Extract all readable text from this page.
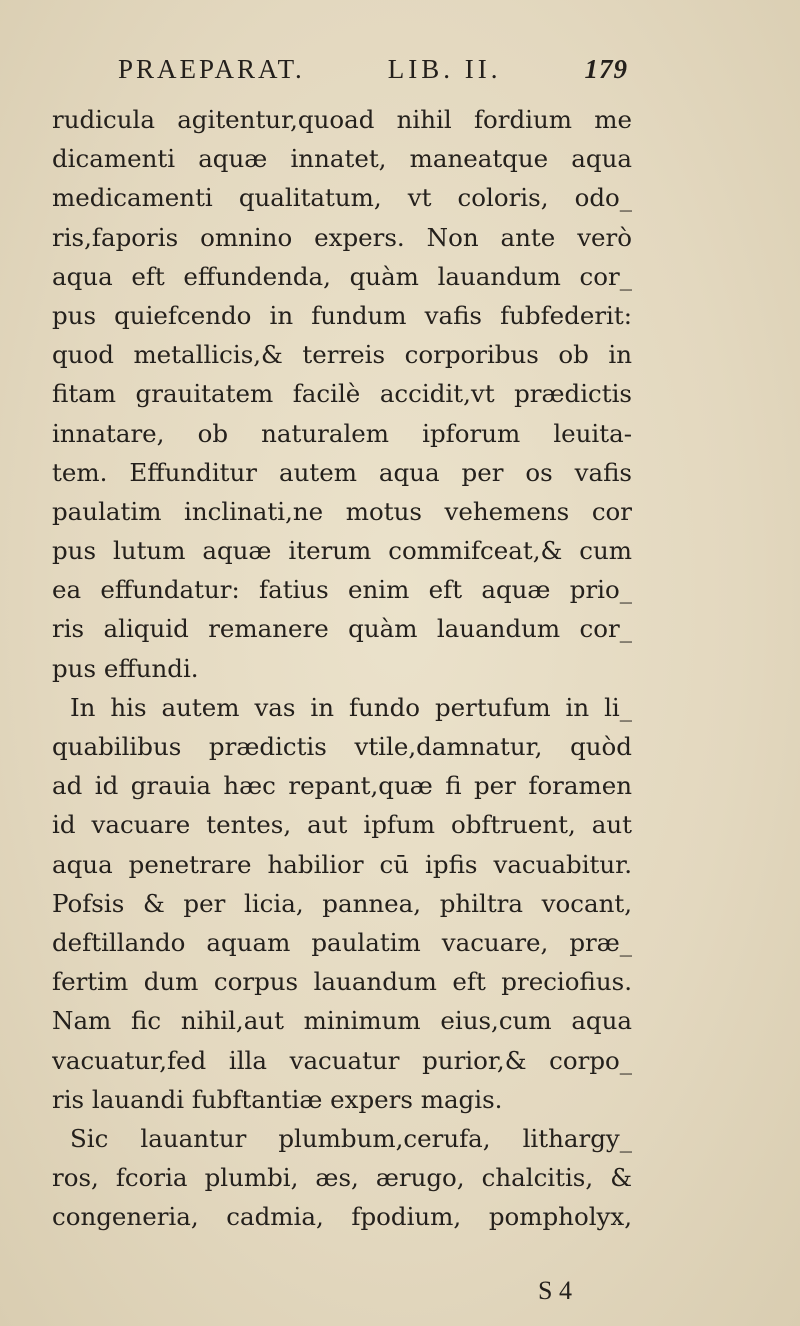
PRAEPARAT.	LIB. II.	179
rudicula agitentur,quoad nihil fordium me
dicamenti aquæ innatet, maneatque aqua
medicamenti qualitatum, vt coloris, odo_
ris,faporis omnino expers. Non ante verò
aqua eft effundenda, quàm lauandum cor_
pus quiefcendo in fundum vafis fubfederit:
quod metallicis,& terreis corporibus ob in
fitam grauitatem facilè accidit,vt prædictis
innatare, ob naturalem ipforum leuita-
tem. Effunditur autem aqua per os vafis
paulatim inclinati,ne motus vehemens cor
pus lutum aquæ iterum commifceat,& cum
ea effundatur: fatius enim eft aquæ prio_
ris aliquid remanere quàm lauandum cor_
pus effundi.
In his autem vas in fundo pertufum in li_
quabilibus prædictis vtile,damnatur, quòd
ad id grauia hæc repant,quæ fi per foramen
id vacuare tentes, aut ipfum obftruent, aut
aqua penetrare habilior cū ipfis vacuabitur.
Pofsis & per licia, pannea, philtra vocant,
deftillando aquam paulatim vacuare, præ_
fertim dum corpus lauandum eft preciofius.
Nam fic nihil,aut minimum eius,cum aqua
vacuatur,fed illa vacuatur purior,& corpo_
ris lauandi fubftantiæ expers magis.
Sic lauantur plumbum,cerufa, lithargy_
ros, fcoria plumbi, æs, ærugo, chalcitis, &
congeneria, cadmia, fpodium, pompholyx,
S 4
